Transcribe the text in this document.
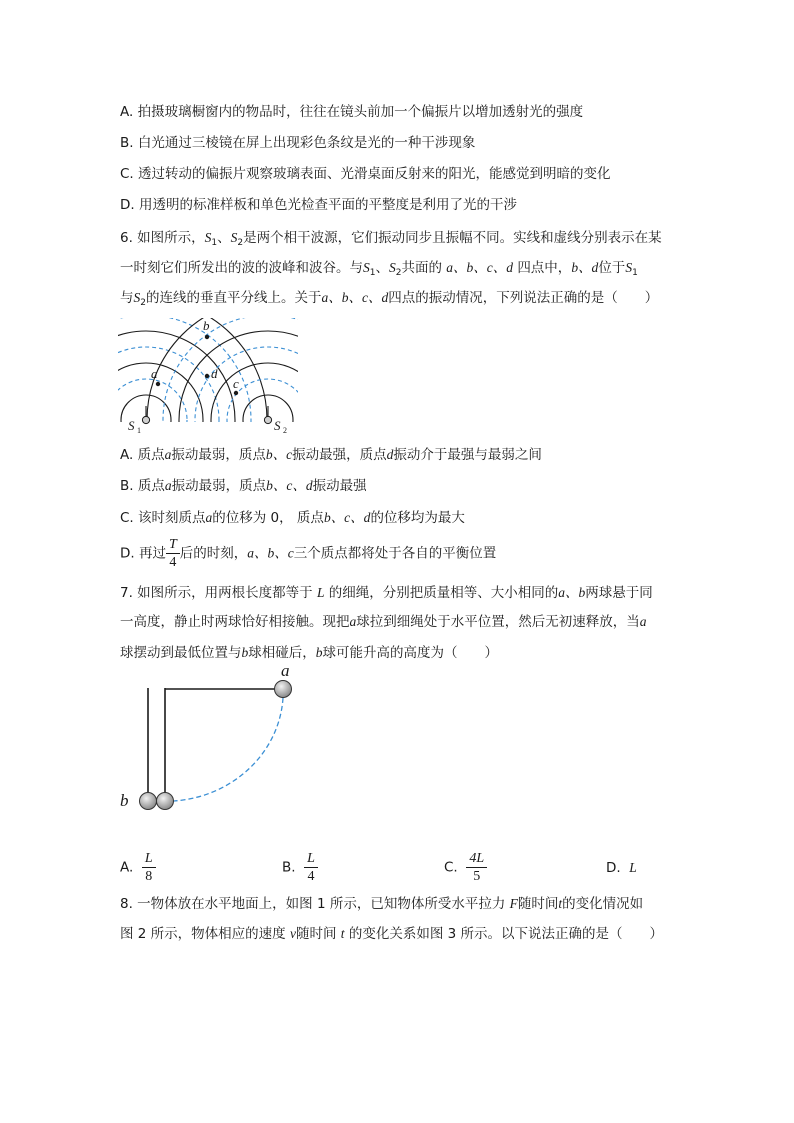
A. 拍摄玻璃橱窗内的物品时，往往在镜头前加一个偏振片以增加透射光的强度
B. 白光通过三棱镜在屏上出现彩色条纹是光的一种干涉现象
C. 透过转动的偏振片观察玻璃表面、光滑桌面反射来的阳光，能感觉到明暗的变化
D. 用透明的标准样板和单色光检查平面的平整度是利用了光的干涉
6. 如图所示，$S_1$、$S_2$是两个相干波源，它们振动同步且振幅不同。实线和虚线分别表示在某
一时刻它们所发出的波的波峰和波谷。与$S_1$、$S_2$共面的 a、b、c、d 四点中，b、d位于$S_1$
与$S_2$的连线的垂直平分线上。关于a、b、c、d四点的振动情况，下列说法正确的是（　　）
a
b
c
d
S 1	S 2
A. 质点a振动最弱，质点b、c振动最强，质点d振动介于最强与最弱之间
B. 质点a振动最弱，质点b、c、d振动最强
C. 该时刻质点a的位移为 0， 质点b、c、d的位移均为最大
D. 再过 $\frac{T}{4}$ 后的时刻，a、b、c三个质点都将处于各自的平衡位置
7. 如图所示，用两根长度都等于 L 的细绳，分别把质量相等、大小相同的a、b两球悬于同
一高度，静止时两球恰好相接触。现把a球拉到细绳处于水平位置，然后无初速释放，当a
球摆动到最低位置与b球相碰后，b球可能升高的高度为（　　）
a
b
A. $\frac{L}{8}$	B. $\frac{L}{4}$	C. $\frac{4L}{5}$	D. L
8. 一物体放在水平地面上，如图 1 所示，已知物体所受水平拉力 F随时间t的变化情况如
图 2 所示，物体相应的速度 v随时间 t 的变化关系如图 3 所示。以下说法正确的是（　　）
